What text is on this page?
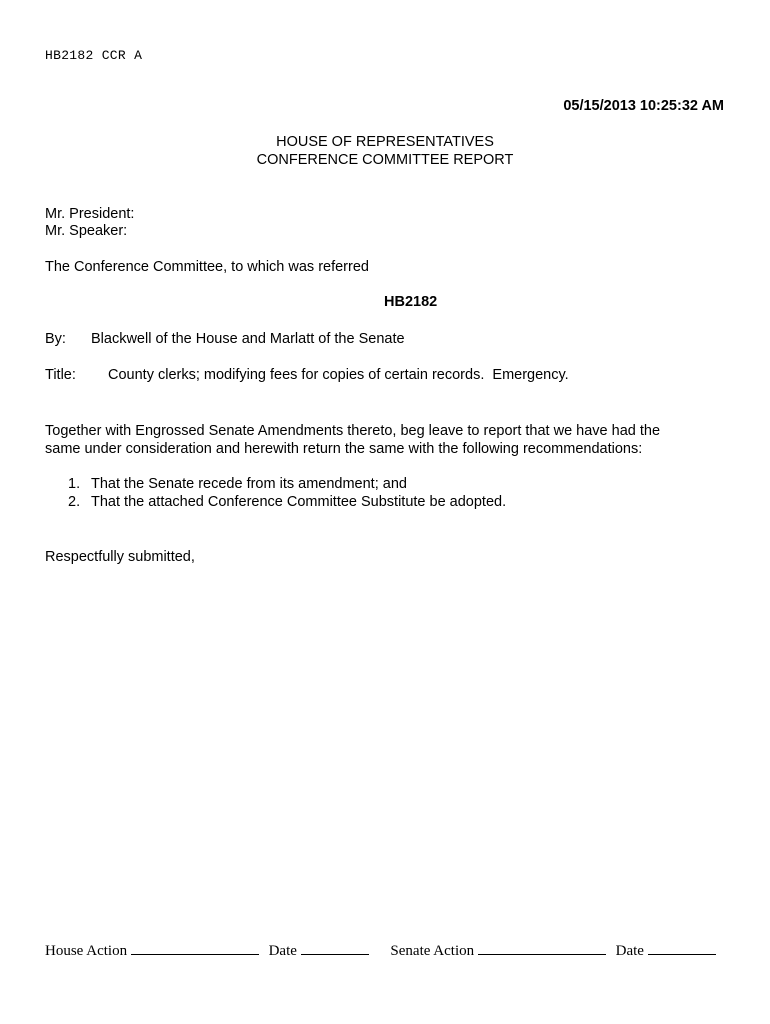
HB2182 CCR A
05/15/2013 10:25:32 AM
HOUSE OF REPRESENTATIVES
CONFERENCE COMMITTEE REPORT
Mr. President:
Mr. Speaker:
The Conference Committee, to which was referred
HB2182
By: Blackwell of the House and Marlatt of the Senate
Title: County clerks; modifying fees for copies of certain records.  Emergency.
Together with Engrossed Senate Amendments thereto, beg leave to report that we have had the
same under consideration and herewith return the same with the following recommendations:
1. That the Senate recede from its amendment; and
2. That the attached Conference Committee Substitute be adopted.
Respectfully submitted,
House Action	Date	Senate Action	Date
